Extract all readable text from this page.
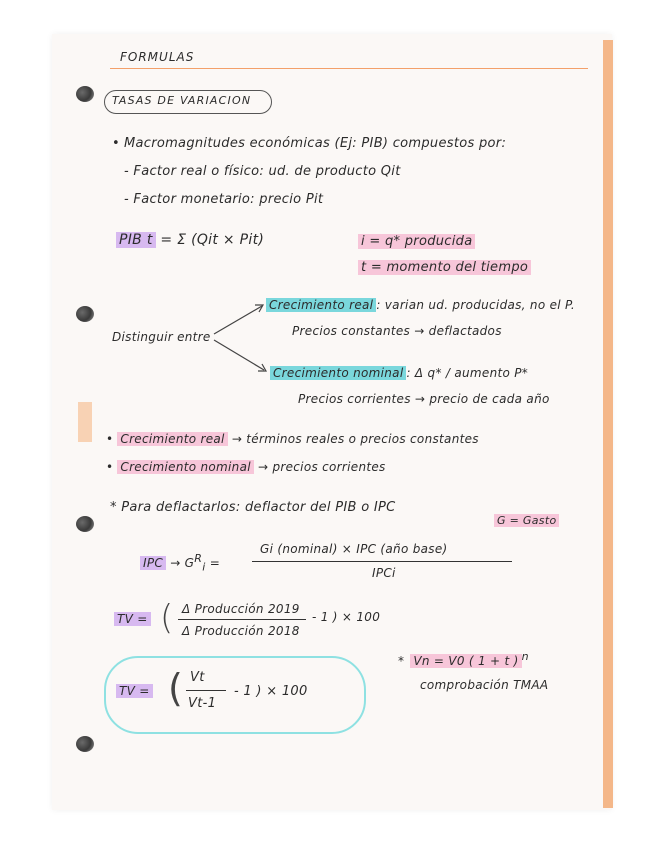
FORMULAS
TASAS DE VARIACION
• Macromagnitudes económicas (Ej: PIB) compuestos por:
- Factor real o físico: ud. de producto Qit
- Factor monetario: precio Pit
PIB t = Σ (Qit × Pit)	i = q* producida
t = momento del tiempo
Distinguir entre
Crecimiento real : varian ud. producidas, no el P.
Precios constantes → deflactados
Crecimiento nominal : Δ q* / aumento P*
Precios corrientes → precio de cada año
• Crecimiento real → términos reales o precios constantes
• Crecimiento nominal → precios corrientes
* Para deflactarlos: deflactor del PIB o IPC
G = Gasto
IPC → $G^R_i$ =
Gi (nominal) × IPC (año base)
IPCi
TV = ( Δ Producción 2019
Δ Producción 2018
- 1 ) × 100
TV = ( Vt
Vt-1
- 1 ) × 100
* Vn = V0 ( 1 + t ) $^n$
comprobación TMAA
